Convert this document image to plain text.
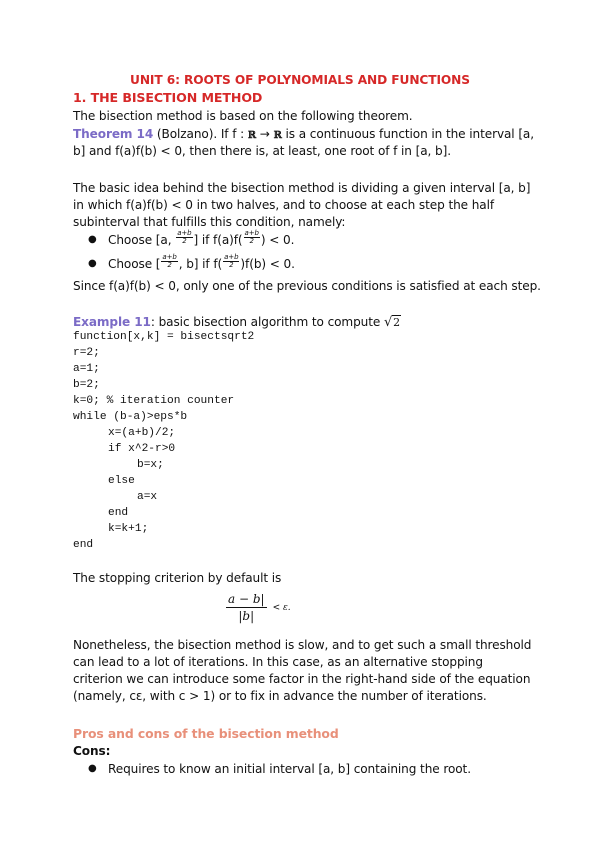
UNIT 6: ROOTS OF POLYNOMIALS AND FUNCTIONS
1. THE BISECTION METHOD
The bisection method is based on the following theorem.
Theorem 14 (Bolzano). If f : ℝ → ℝ is a continuous function in the interval [a,
b] and f(a)f(b) < 0, then there is, at least, one root of f in [a, b].
The basic idea behind the bisection method is dividing a given interval [a, b]
in which f(a)f(b) < 0 in two halves, and to choose at each step the half
subinterval that fulfills this condition, namely:
● Choose [a, $\frac{a+b}{2}$ ] if $f(a)f( \frac{a+b}{2}$ ) < 0.
● Choose [ $\frac{a+b}{2}$ , b] if $f( \frac{a+b}{2} )f(b) < 0$.
Since f(a)f(b) < 0, only one of the previous conditions is satisfied at each step.
Example 11: basic bisection algorithm to compute √2
function[x,k] = bisectsqrt2
r=2;
a=1;
b=2;
k=0; % iteration counter
while (b-a)>eps*b
x=(a+b)/2;
if x^2-r>0
b=x;
else
a=x
end
k=k+1;
end
The stopping criterion by default is
$\frac{a - b|}{|b|} < \varepsilon$.
Nonetheless, the bisection method is slow, and to get such a small threshold
can lead to a lot of iterations. In this case, as an alternative stopping
criterion we can introduce some factor in the right-hand side of the equation
(namely, cε, with c > 1) or to fix in advance the number of iterations.
Pros and cons of the bisection method
Cons:
● Requires to know an initial interval [a, b] containing the root.
